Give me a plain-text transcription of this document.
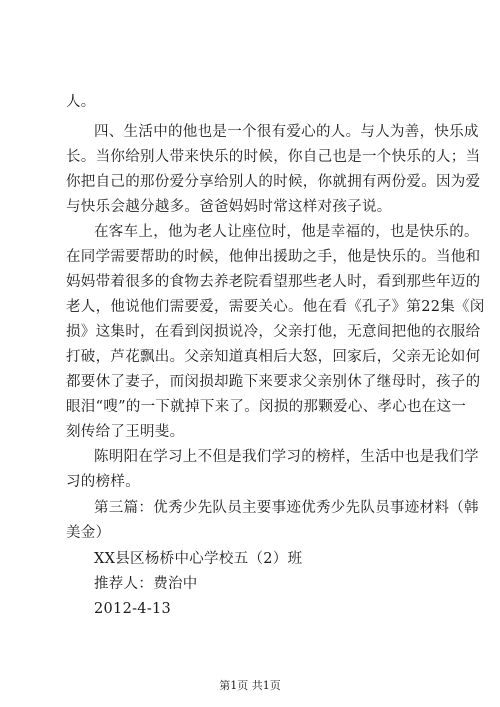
人。
四、生活中的他也是一个很有爱心的人。与人为善，快乐成
长。当你给别人带来快乐的时候，你自己也是一个快乐的人；当
你把自己的那份爱分享给别人的时候，你就拥有两份爱。因为爱
与快乐会越分越多。爸爸妈妈时常这样对孩子说。
在客车上，他为老人让座位时，他是幸福的，也是快乐的。
在同学需要帮助的时候，他伸出援助之手，他是快乐的。当他和
妈妈带着很多的食物去养老院看望那些老人时，看到那些年迈的
老人，他说他们需要爱，需要关心。他在看《孔子》第22集《闵
损》这集时，在看到闵损说冷，父亲打他，无意间把他的衣服给
打破，芦花飘出。父亲知道真相后大怒，回家后，父亲无论如何
都要休了妻子，而闵损却跪下来要求父亲别休了继母时，孩子的
眼泪“嗖”的一下就掉下来了。闵损的那颗爱心、孝心也在这一
刻传给了王明斐。
陈明阳在学习上不但是我们学习的榜样，生活中也是我们学
习的榜样。
第三篇：优秀少先队员主要事迹优秀少先队员事迹材料（韩
美金）
XX县区杨桥中心学校五（2）班
推荐人：费治中
2012-4-13
第1页 共1页
